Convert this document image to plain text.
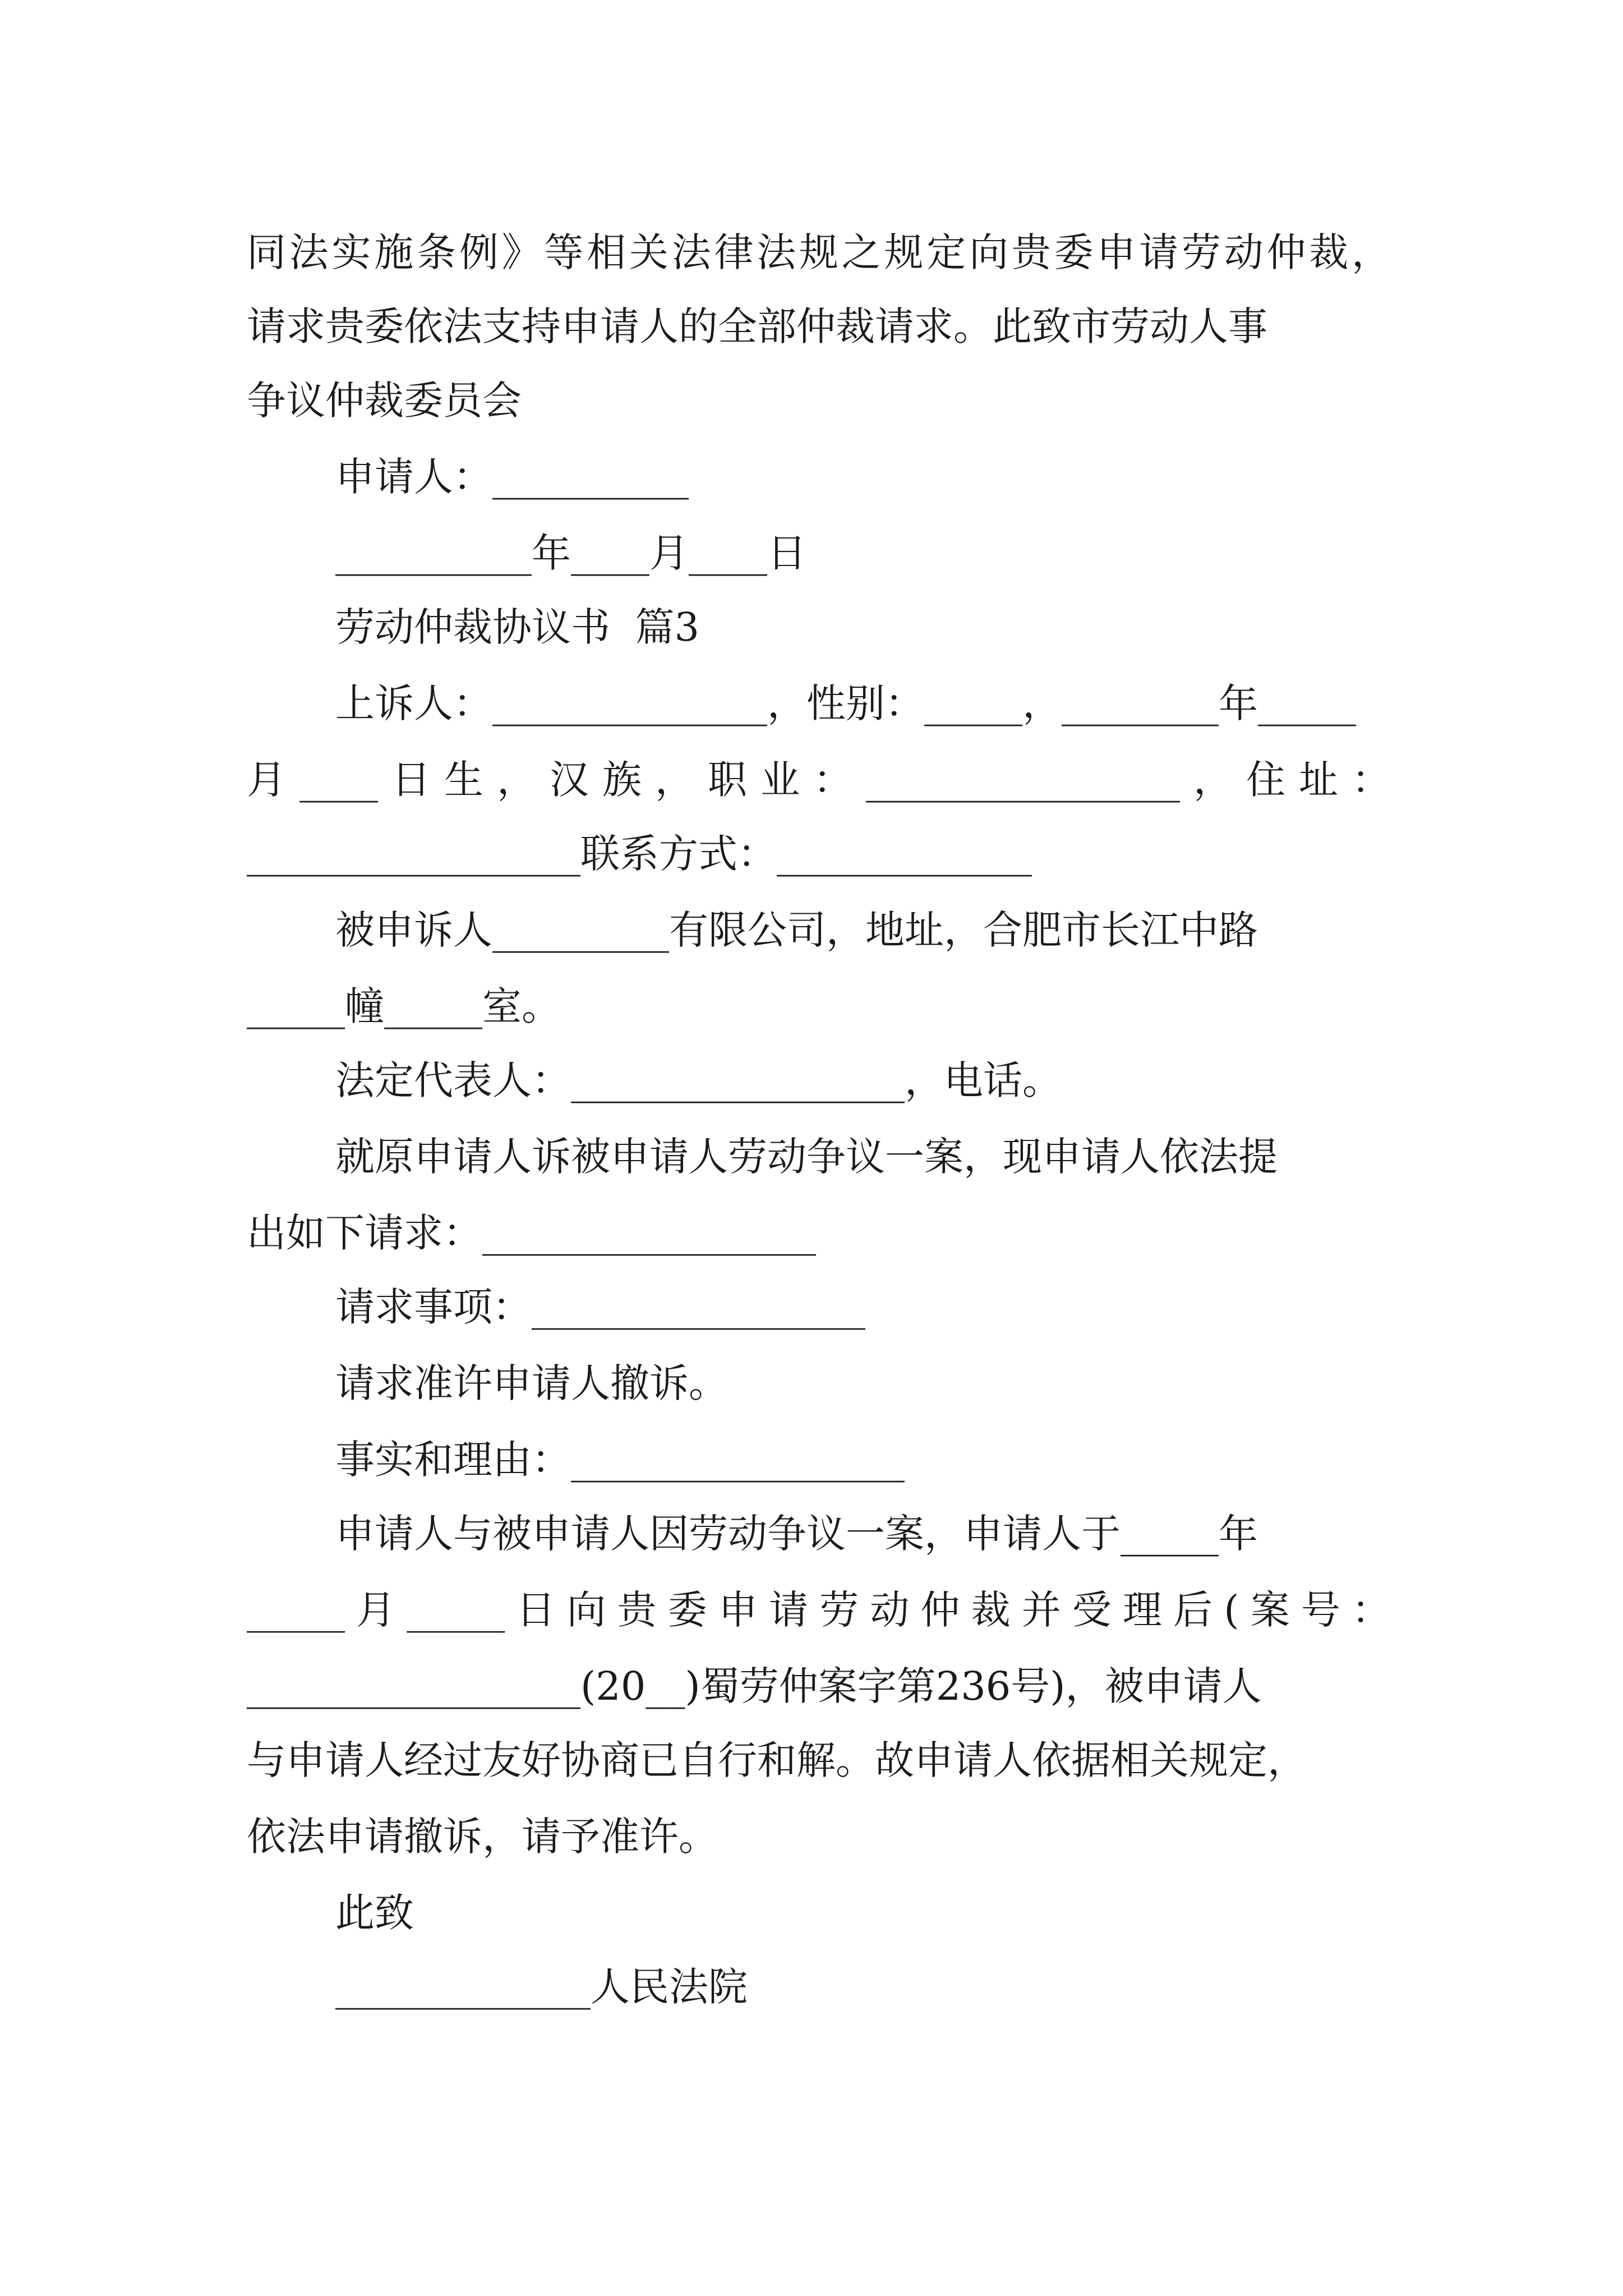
同法实施条例》等相关法律法规之规定向贵委申请劳动仲裁，
请求贵委依法支持申请人的全部仲裁请求。此致市劳动人事
争议仲裁委员会
申请人：__________
__________年____月____日
劳动仲裁协议书  篇3
上诉人：______________，性别：_____，________年_____
月____日生，汉族，职业：________________，住址：
_________________联系方式：_____________
被申诉人_________有限公司，地址，合肥市长江中路
_____幢_____室。
法定代表人：_________________，电话。
就原申请人诉被申请人劳动争议一案，现申请人依法提
出如下请求：_________________
请求事项：_________________
请求准许申请人撤诉。
事实和理由：_________________
申请人与被申请人因劳动争议一案，申请人于_____年
_____月_____日向贵委申请劳动仲裁并受理后(案号：
_________________(20__)蜀劳仲案字第236号)，被申请人
与申请人经过友好协商已自行和解。故申请人依据相关规定，
依法申请撤诉，请予准许。
此致
_____________人民法院
